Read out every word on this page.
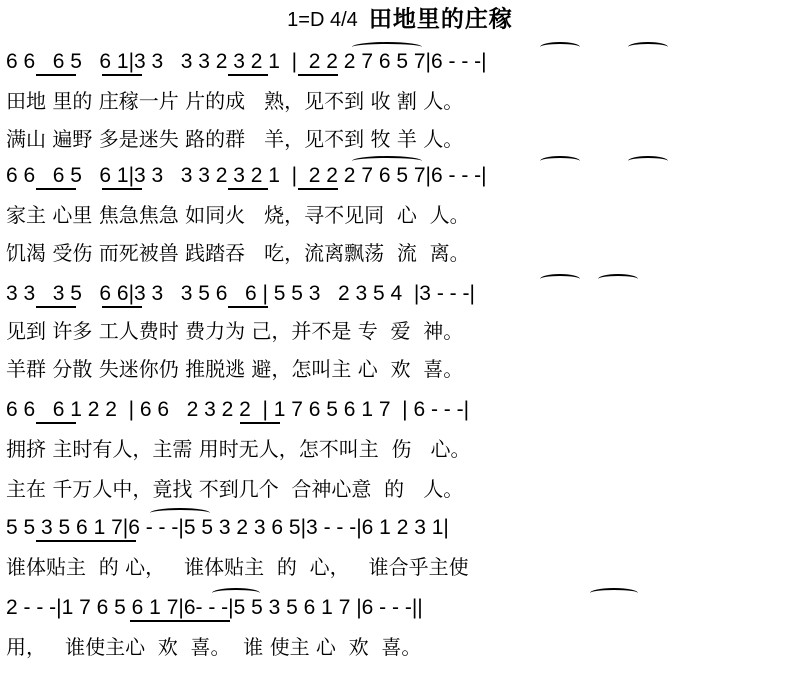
1=D 4/4 田地里的庄稼
6 6   6 5   6 1|3 3   3 3 2 3 2 1  |  2 2 2 7 6 5 7|6 - - -|
田地 里的 庄稼一片 片的成   熟，见不到 收 割 人。
满山 遍野 多是迷失 路的群   羊，见不到 牧 羊 人。
6 6   6 5   6 1|3 3   3 3 2 3 2 1  |  2 2 2 7 6 5 7|6 - - -|
家主 心里 焦急焦急 如同火   烧，寻不见同  心  人。
饥渴 受伤 而死被兽 践踏吞   吃，流离飘荡  流  离。
3 3   3 5   6 6|3 3   3 5 6   6 | 5 5 3   2 3 5 4  |3 - - -|
见到 许多 工人费时 费力为 己，并不是 专  爱  神。
羊群 分散 失迷你仍 推脱逃 避，怎叫主 心  欢  喜。
6 6   6 1 2 2  | 6 6   2 3 2 2  | 1 7 6 5 6 1 7  | 6 - - -|
拥挤 主时有人，主需 用时无人，怎不叫主  伤   心。
主在 千万人中，竟找 不到几个  合神心意  的   人。
5 5 3 5 6 1 7|6 - - -|5 5 3 2 3 6 5|3 - - -|6 1 2 3 1|
谁体贴主  的 心，   谁体贴主  的  心，   谁合乎主使
2 - - -|1 7 6 5 6 1 7|6- - -|5 5 3 5 6 1 7 |6 - - -||
用，   谁使主心  欢  喜。  谁 使主 心  欢  喜。
